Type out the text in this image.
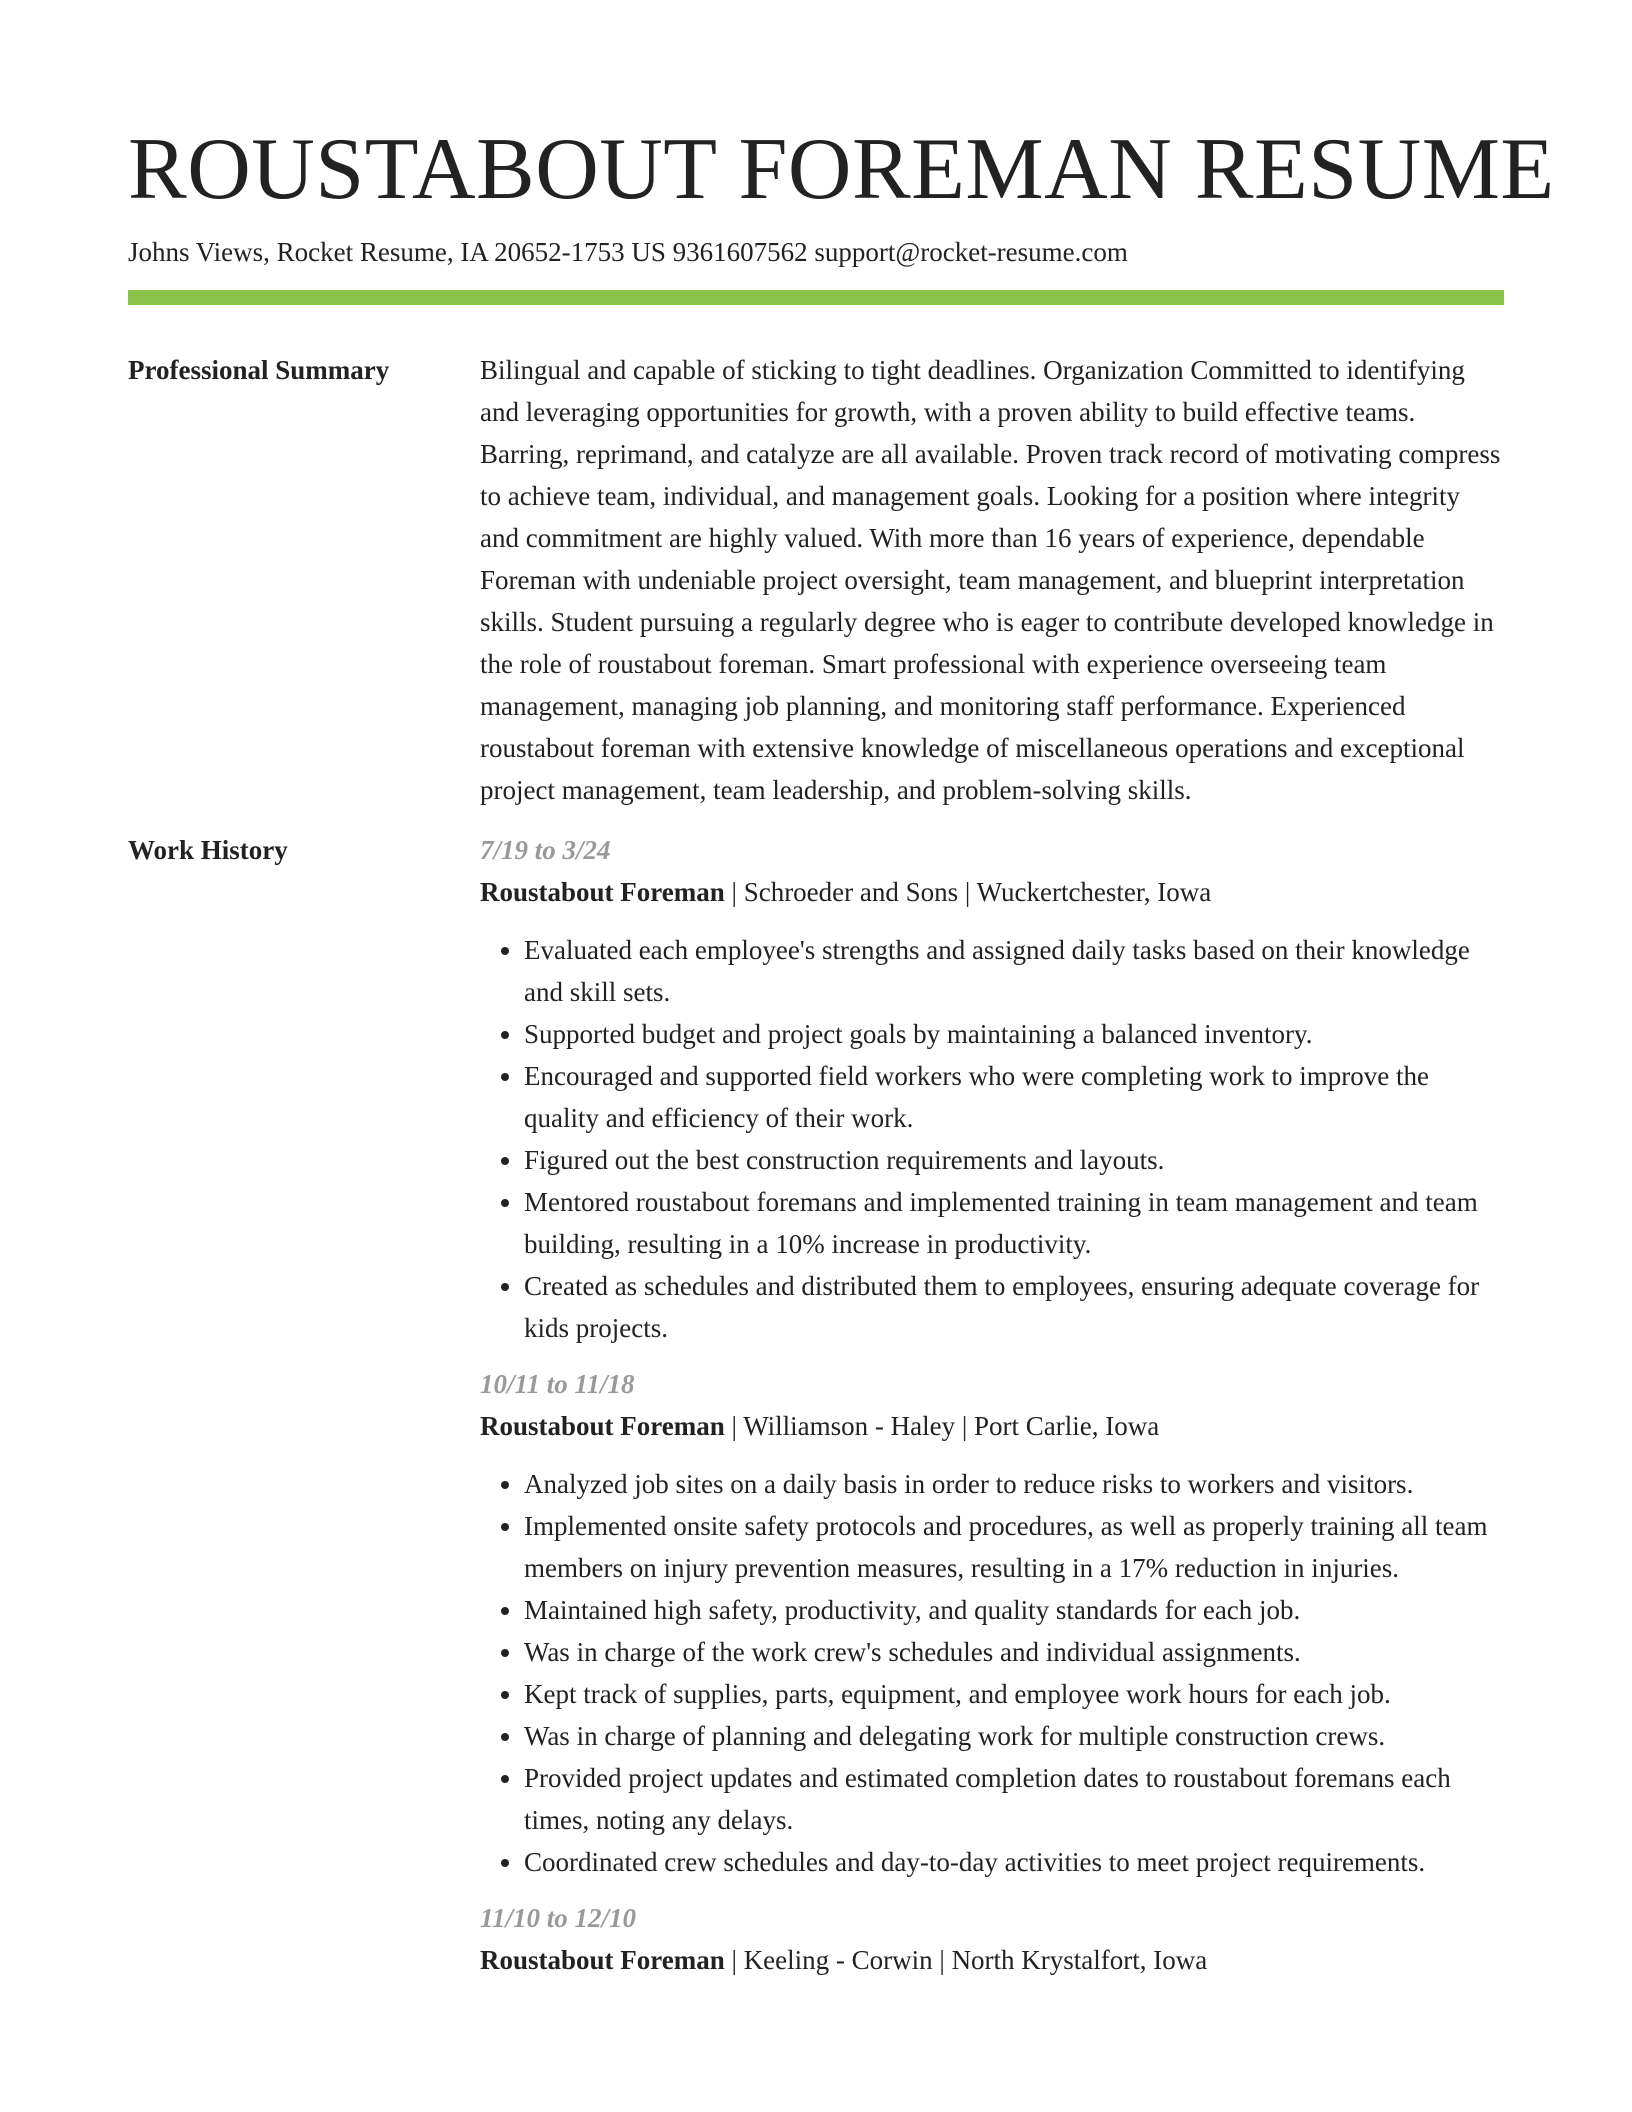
ROUSTABOUT FOREMAN RESUME
Johns Views, Rocket Resume, IA 20652-1753 US 9361607562 support@rocket-resume.com
Professional Summary	Bilingual and capable of sticking to tight deadlines. Organization Committed to identifying and leveraging opportunities for growth, with a proven ability to build effective teams. Barring, reprimand, and catalyze are all available. Proven track record of motivating compress to achieve team, individual, and management goals. Looking for a position where integrity and commitment are highly valued. With more than 16 years of experience, dependable Foreman with undeniable project oversight, team management, and blueprint interpretation skills. Student pursuing a regularly degree who is eager to contribute developed knowledge in the role of roustabout foreman. Smart professional with experience overseeing team management, managing job planning, and monitoring staff performance. Experienced roustabout foreman with extensive knowledge of miscellaneous operations and exceptional project management, team leadership, and problem-solving skills.

Work History	7/19 to 3/24
Roustabout Foreman | Schroeder and Sons | Wuckertchester, Iowa
• Evaluated each employee's strengths and assigned daily tasks based on their knowledge and skill sets.
• Supported budget and project goals by maintaining a balanced inventory.
• Encouraged and supported field workers who were completing work to improve the quality and efficiency of their work.
• Figured out the best construction requirements and layouts.
• Mentored roustabout foremans and implemented training in team management and team building, resulting in a 10% increase in productivity.
• Created as schedules and distributed them to employees, ensuring adequate coverage for kids projects.
10/11 to 11/18
Roustabout Foreman | Williamson - Haley | Port Carlie, Iowa
• Analyzed job sites on a daily basis in order to reduce risks to workers and visitors.
• Implemented onsite safety protocols and procedures, as well as properly training all team members on injury prevention measures, resulting in a 17% reduction in injuries.
• Maintained high safety, productivity, and quality standards for each job.
• Was in charge of the work crew's schedules and individual assignments.
• Kept track of supplies, parts, equipment, and employee work hours for each job.
• Was in charge of planning and delegating work for multiple construction crews.
• Provided project updates and estimated completion dates to roustabout foremans each times, noting any delays.
• Coordinated crew schedules and day-to-day activities to meet project requirements.
11/10 to 12/10
Roustabout Foreman | Keeling - Corwin | North Krystalfort, Iowa
